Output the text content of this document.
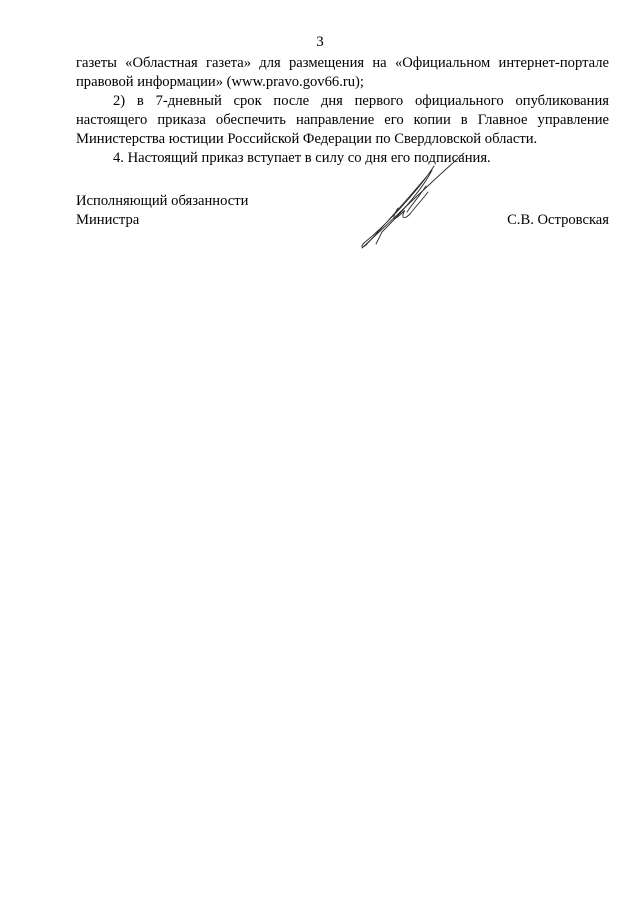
3

газеты «Областная газета» для размещения на «Официальном интернет-портале правовой информации» (www.pravo.gov66.ru);

2) в 7-дневный срок после дня первого официального опубликования настоящего приказа обеспечить направление его копии в Главное управление Министерства юстиции Российской Федерации по Свердловской области.

4. Настоящий приказ вступает в силу со дня его подписания.

Исполняющий обязанности
Министра	С.В. Островская
